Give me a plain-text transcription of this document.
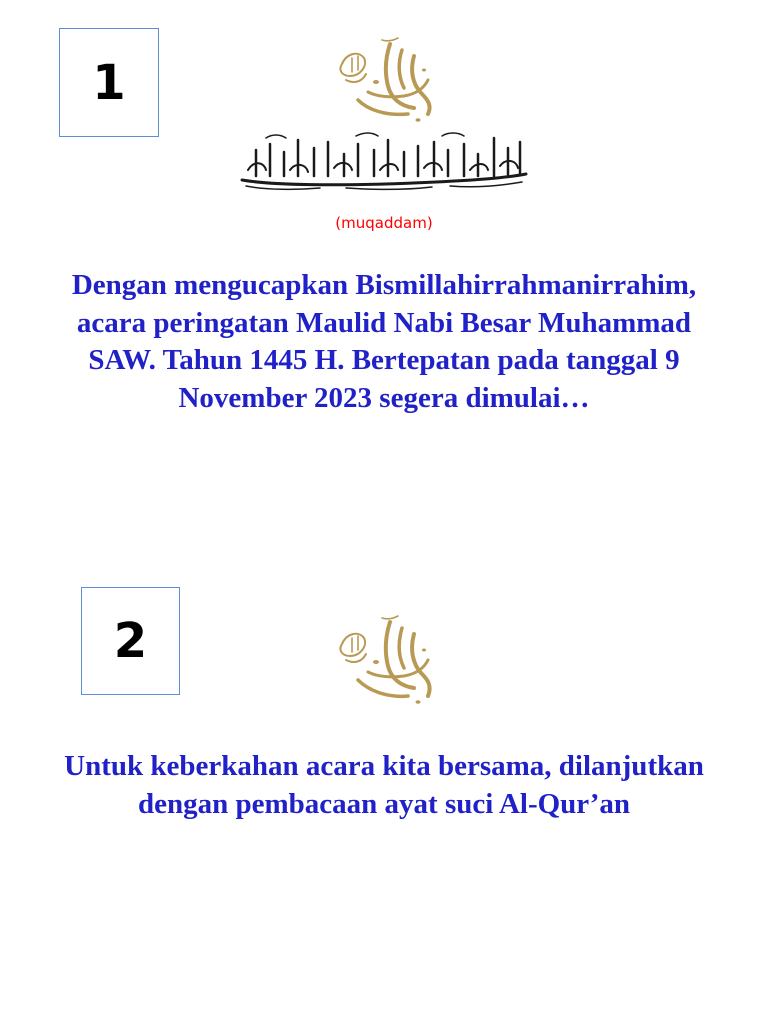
1
(muqaddam)
Dengan mengucapkan Bismillahirrahmanirrahim, acara peringatan Maulid Nabi Besar Muhammad SAW. Tahun 1445 H. Bertepatan pada tanggal 9 November 2023 segera dimulai…
2
Untuk keberkahan acara kita bersama, dilanjutkan dengan pembacaan ayat suci Al-Qur’an
